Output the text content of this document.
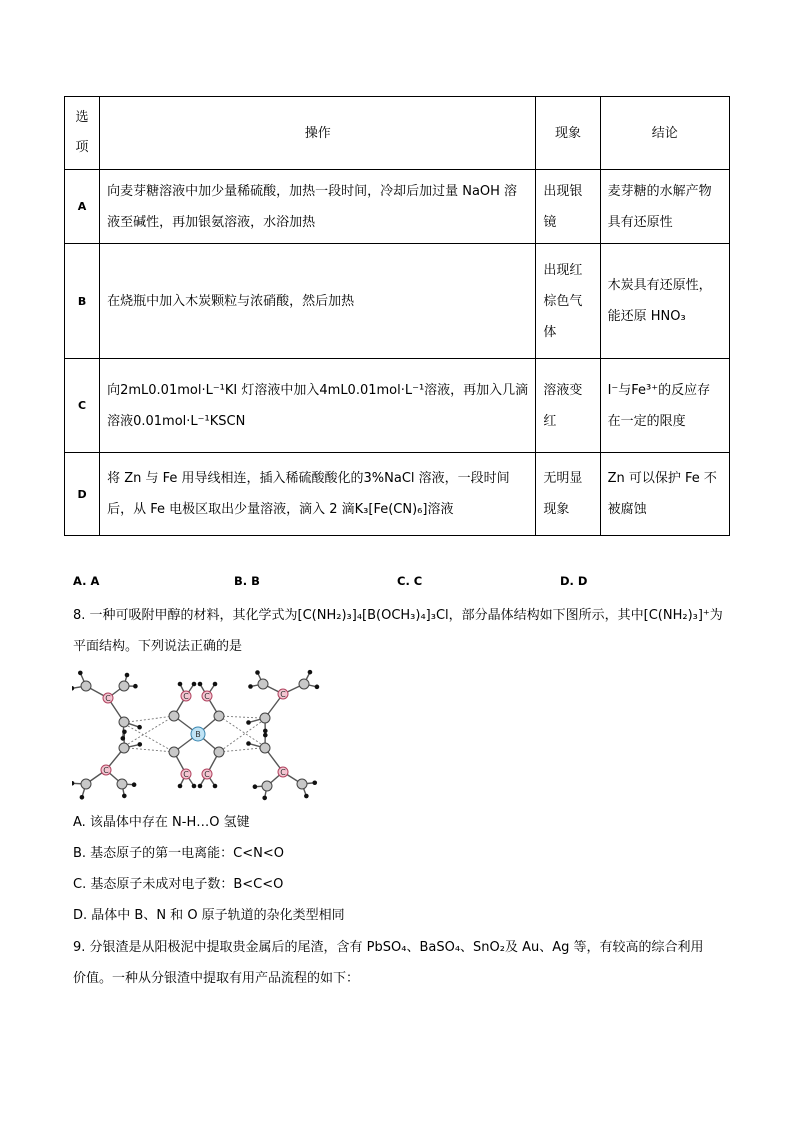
选项	操作	现象	结论
A	向麦芽糖溶液中加少量稀硫酸，加热一段时间，冷却后加过量 NaOH 溶液至碱性，再加银氨溶液，水浴加热	出现银镜	麦芽糖的水解产物具有还原性
B	在烧瓶中加入木炭颗粒与浓硝酸，然后加热	出现红棕色气体	木炭具有还原性，能还原 HNO₃
C	向2mL0.01mol·L⁻¹KI 灯溶液中加入4mL0.01mol·L⁻¹溶液，再加入几滴溶液0.01mol·L⁻¹KSCN	溶液变红	I⁻与Fe³⁺的反应存在一定的限度
D	将 Zn 与 Fe 用导线相连，插入稀硫酸酸化的3%NaCl 溶液，一段时间后，从 Fe 电极区取出少量溶液，滴入 2 滴K₃[Fe(CN)₆]溶液	无明显现象	Zn 可以保护 Fe 不被腐蚀
A. A	B. B	C. C	D. D
8. 一种可吸附甲醇的材料，其化学式为[C(NH₂)₃]₄[B(OCH₃)₄]₃Cl，部分晶体结构如下图所示，其中[C(NH₂)₃]⁺为
平面结构。下列说法正确的是
C C
C C
C	C
C	C
B
A. 该晶体中存在 N-H…O 氢键
B. 基态原子的第一电离能：C<N<O
C. 基态原子未成对电子数：B<C<O
D. 晶体中 B、N 和 O 原子轨道的杂化类型相同
9. 分银渣是从阳极泥中提取贵金属后的尾渣，含有 PbSO₄、BaSO₄、SnO₂及 Au、Ag 等，有较高的综合利用
价值。一种从分银渣中提取有用产品流程的如下：
